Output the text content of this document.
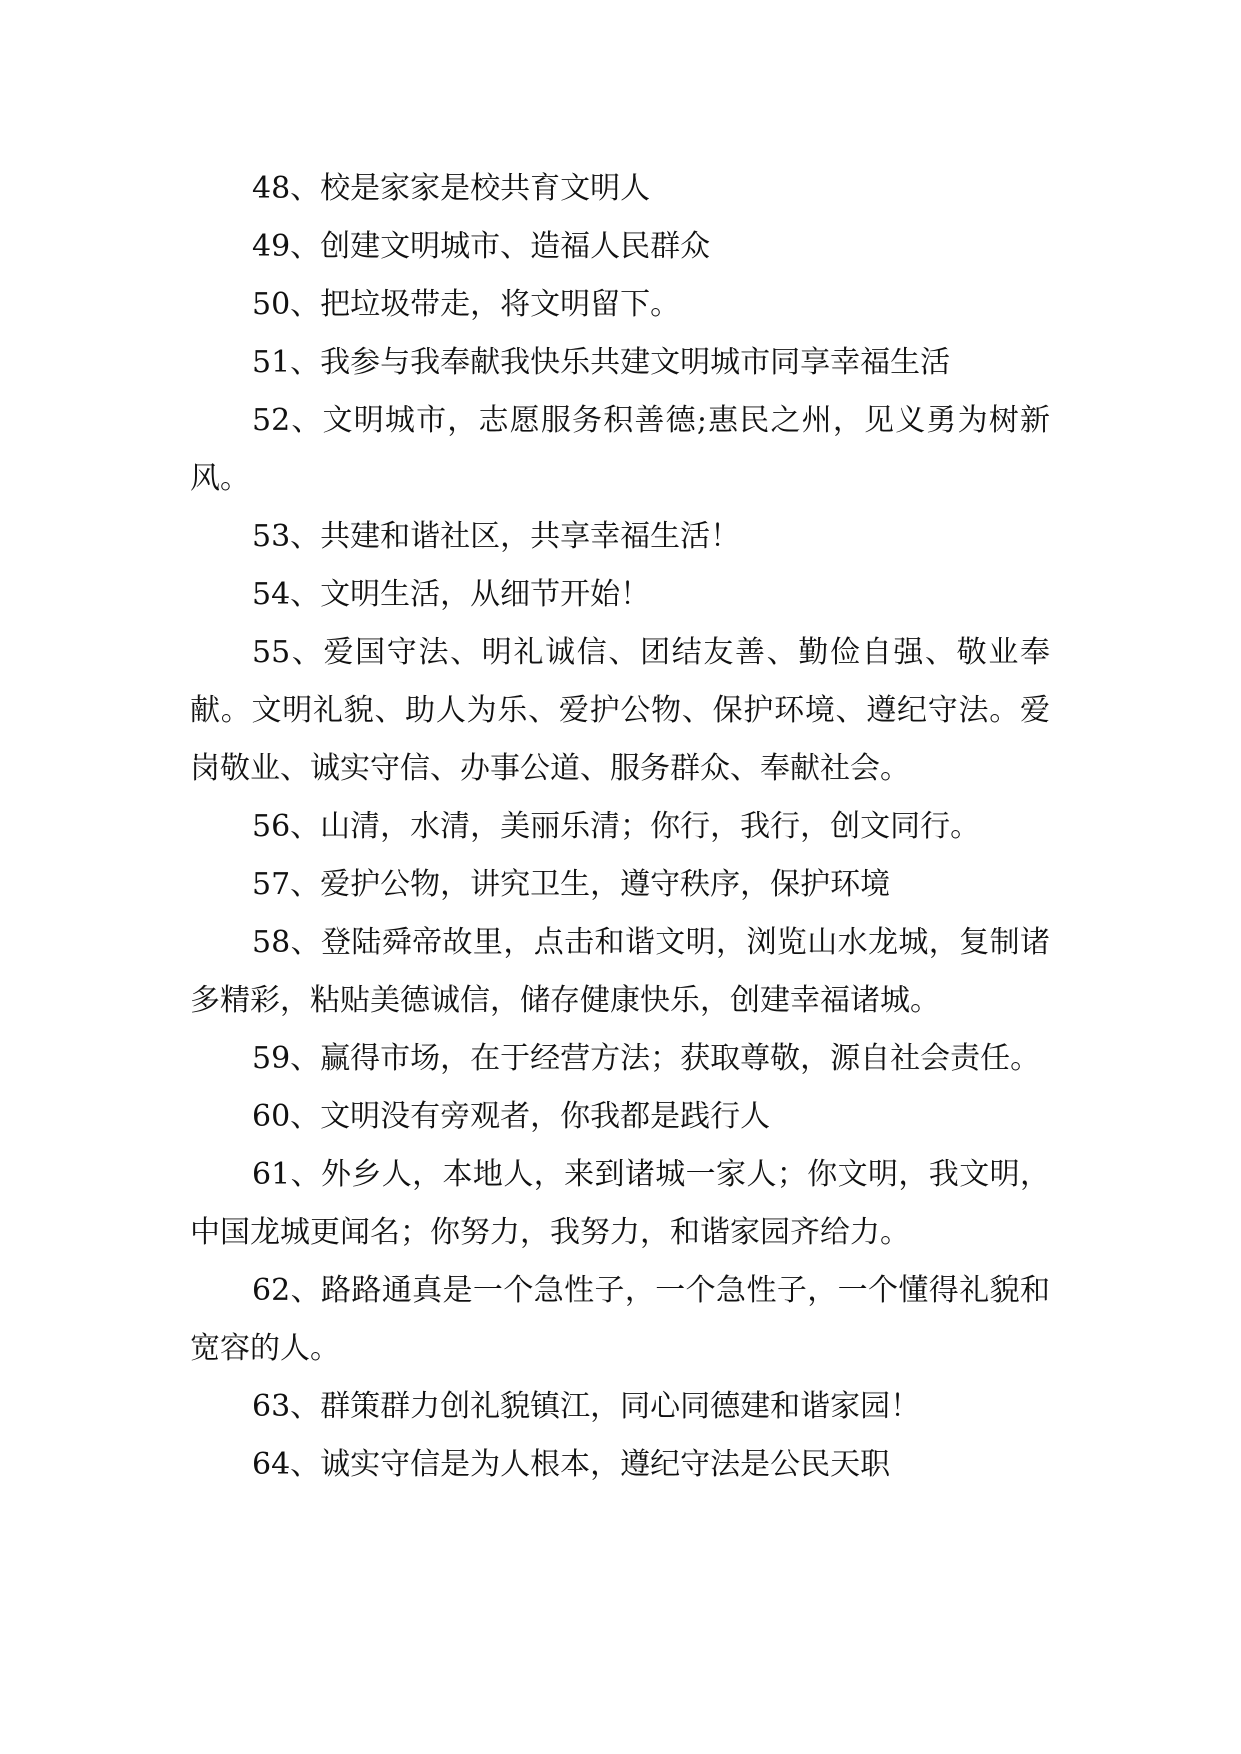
48、校是家家是校共育文明人

49、创建文明城市、造福人民群众

50、把垃圾带走，将文明留下。

51、我参与我奉献我快乐共建文明城市同享幸福生活

52、文明城市，志愿服务积善德;惠民之州，见义勇为树新风。

53、共建和谐社区，共享幸福生活！

54、文明生活，从细节开始！

55、爱国守法、明礼诚信、团结友善、勤俭自强、敬业奉献。文明礼貌、助人为乐、爱护公物、保护环境、遵纪守法。爱岗敬业、诚实守信、办事公道、服务群众、奉献社会。

56、山清，水清，美丽乐清；你行，我行，创文同行。

57、爱护公物，讲究卫生，遵守秩序，保护环境

58、登陆舜帝故里，点击和谐文明，浏览山水龙城，复制诸多精彩，粘贴美德诚信，储存健康快乐，创建幸福诸城。

59、赢得市场，在于经营方法；获取尊敬，源自社会责任。

60、文明没有旁观者，你我都是践行人

61、外乡人，本地人，来到诸城一家人；你文明，我文明，中国龙城更闻名；你努力，我努力，和谐家园齐给力。

62、路路通真是一个急性子，一个急性子，一个懂得礼貌和宽容的人。

63、群策群力创礼貌镇江，同心同德建和谐家园！

64、诚实守信是为人根本，遵纪守法是公民天职
